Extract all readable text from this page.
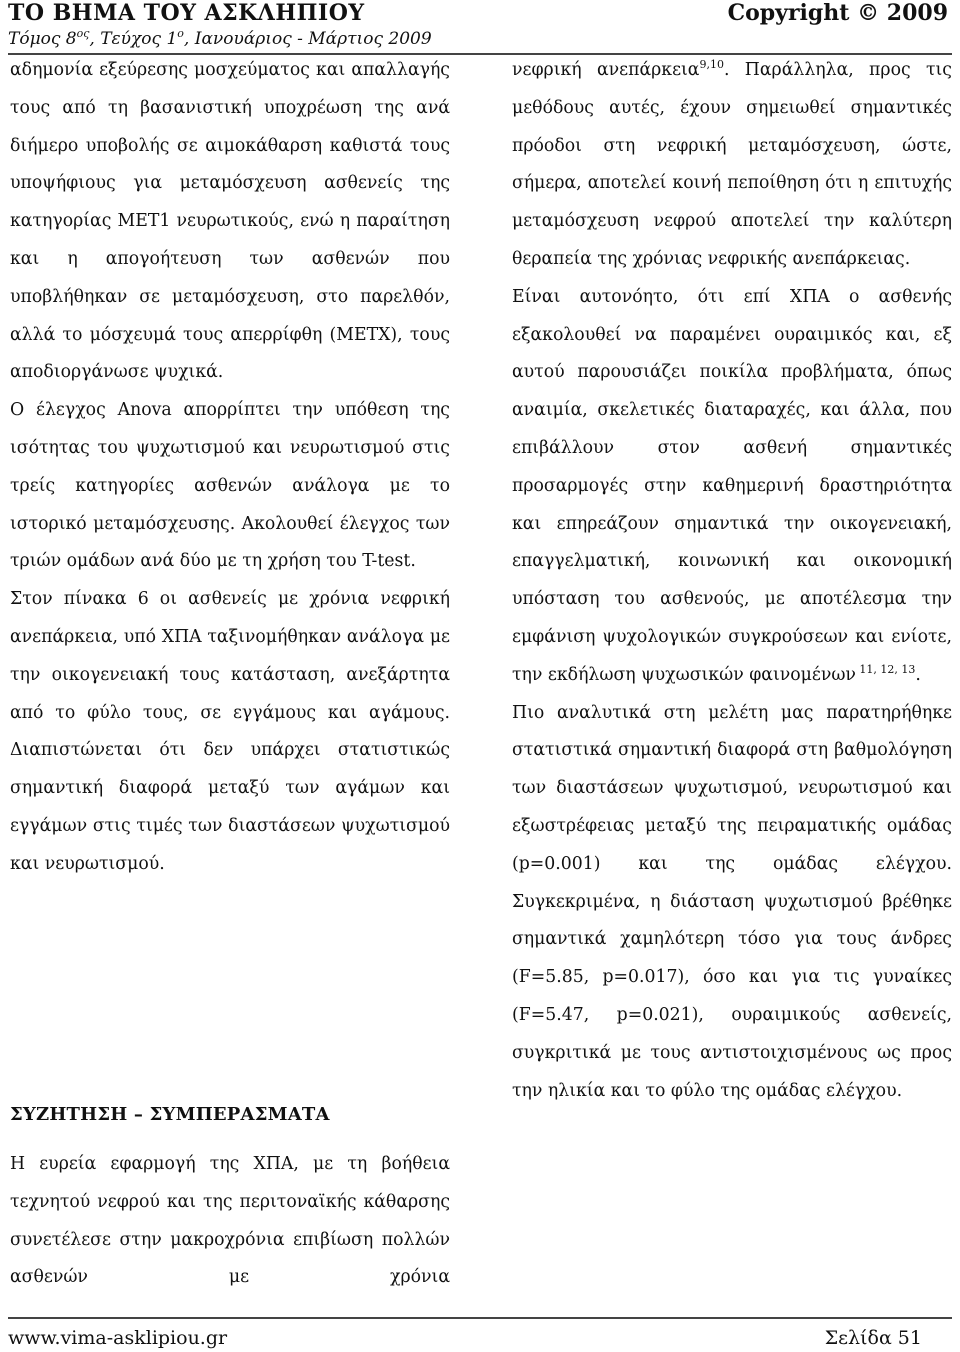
ΤΟ ΒΗΜΑ ΤΟΥ ΑΣΚΛΗΠΙΟΥ
Τόμος $8^{o\varsigma}$, Τεύχος $1^o$, Ιανουάριος - Μάρτιος 2009
Copyright © 2009

αδημονία εξεύρεσης μοσχεύματος και απαλλαγής τους από τη βασανιστική υποχρέωση της ανά διήμερο υποβολής σε αιμοκάθαρση καθιστά τους υποψήφιους για μεταμόσχευση ασθενείς της κατηγορίας ΜΕΤ1 νευρωτικούς, ενώ η παραίτηση και η απογοήτευση των ασθενών που υποβλήθηκαν σε μεταμόσχευση, στο παρελθόν, αλλά το μόσχευμά τους απερρίφθη (ΜΕΤΧ), τους αποδιοργάνωσε ψυχικά.

Ο έλεγχος Anova απορρίπτει την υπόθεση της ισότητας του ψυχωτισμού και νευρωτισμού στις τρείς κατηγορίες ασθενών ανάλογα με το ιστορικό μεταμόσχευσης. Ακολουθεί έλεγχος των τριών ομάδων ανά δύο με τη χρήση του T-test.

Στον πίνακα 6 οι ασθενείς με χρόνια νεφρική ανεπάρκεια, υπό ΧΠΑ ταξινομήθηκαν ανάλογα με την οικογενειακή τους κατάσταση, ανεξάρτητα από το φύλο τους, σε εγγάμους και αγάμους. Διαπιστώνεται ότι δεν υπάρχει στατιστικώς σημαντική διαφορά μεταξύ των αγάμων και εγγάμων στις τιμές των διαστάσεων ψυχωτισμού και νευρωτισμού.

ΣΥΖΗΤΗΣΗ – ΣΥΜΠΕΡΑΣΜΑΤΑ

Η ευρεία εφαρμογή της ΧΠΑ, με τη βοήθεια τεχνητού νεφρού και της περιτοναϊκής κάθαρσης συνετέλεσε στην μακροχρόνια επιβίωση πολλών ασθενών με χρόνια

νεφρική ανεπάρκεια$^{9,10}$. Παράλληλα, προς τις μεθόδους αυτές, έχουν σημειωθεί σημαντικές πρόοδοι στη νεφρική μεταμόσχευση, ώστε, σήμερα, αποτελεί κοινή πεποίθηση ότι η επιτυχής μεταμόσχευση νεφρού αποτελεί την καλύτερη θεραπεία της χρόνιας νεφρικής ανεπάρκειας.

Είναι αυτονόητο, ότι επί ΧΠΑ ο ασθενής εξακολουθεί να παραμένει ουραιμικός και, εξ αυτού παρουσιάζει ποικίλα προβλήματα, όπως αναιμία, σκελετικές διαταραχές, και άλλα, που επιβάλλουν στον ασθενή σημαντικές προσαρμογές στην καθημερινή δραστηριότητα και επηρεάζουν σημαντικά την οικογενειακή, επαγγελματική, κοινωνική και οικονομική υπόσταση του ασθενούς, με αποτέλεσμα την εμφάνιση ψυχολογικών συγκρούσεων και ενίοτε, την εκδήλωση ψυχωσικών φαινομένων $^{11, 12, 13}$.

Πιο αναλυτικά στη μελέτη μας παρατηρήθηκε στατιστικά σημαντική διαφορά στη βαθμολόγηση των διαστάσεων ψυχωτισμού, νευρωτισμού και εξωστρέφειας μεταξύ της πειραματικής ομάδας (p=0.001) και της ομάδας ελέγχου. Συγκεκριμένα, η διάσταση ψυχωτισμού βρέθηκε σημαντικά χαμηλότερη τόσο για τους άνδρες (F=5.85, p=0.017), όσο και για τις γυναίκες (F=5.47, p=0.021), ουραιμικούς ασθενείς, συγκριτικά με τους αντιστοιχισμένους ως προς την ηλικία και το φύλο της ομάδας ελέγχου.

www.vima-asklipiou.gr	Σελίδα 51
